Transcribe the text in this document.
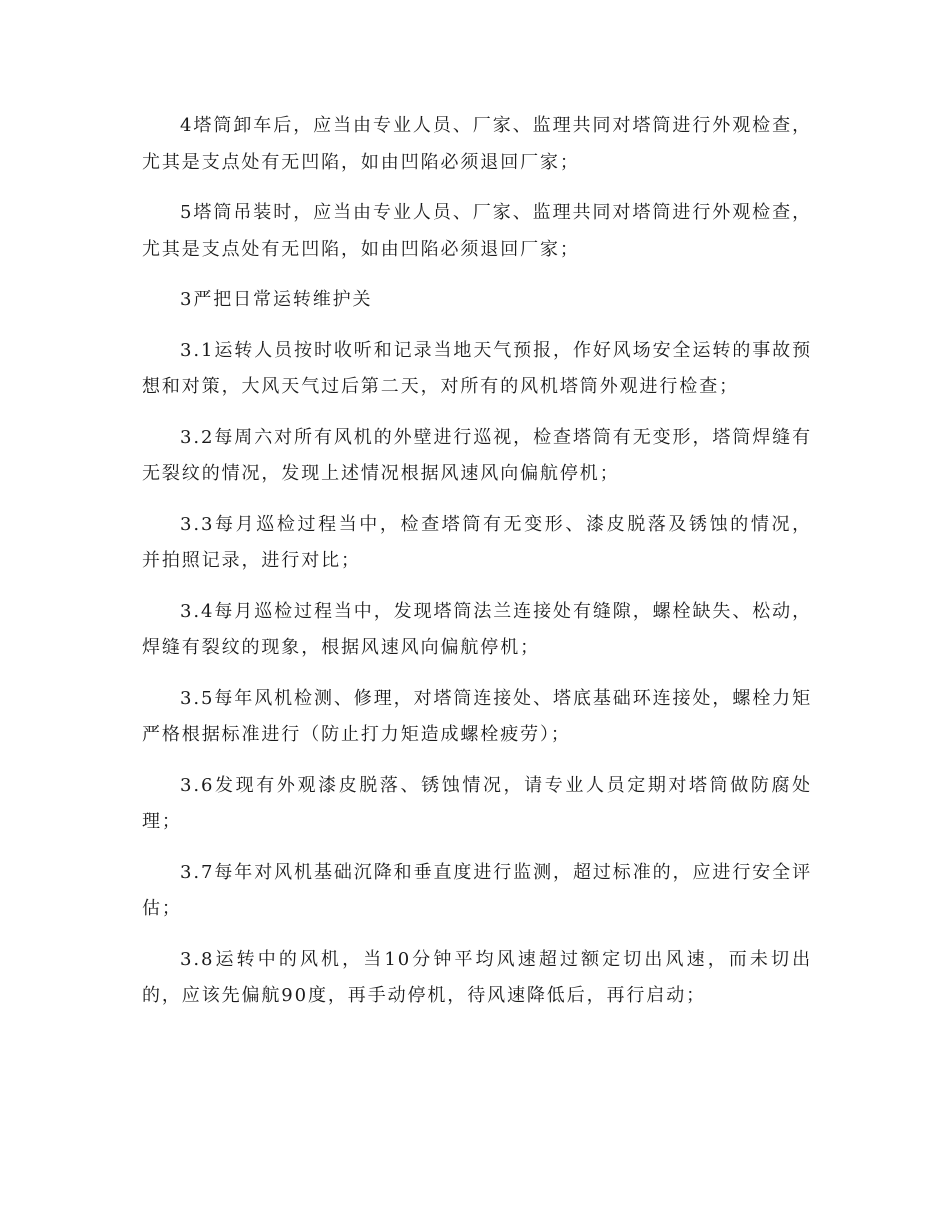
4塔筒卸车后，应当由专业人员、厂家、监理共同对塔筒进行外观检查，尤其是支点处有无凹陷，如由凹陷必须退回厂家；

5塔筒吊装时，应当由专业人员、厂家、监理共同对塔筒进行外观检查，尤其是支点处有无凹陷，如由凹陷必须退回厂家；

3严把日常运转维护关

3.1运转人员按时收听和记录当地天气预报，作好风场安全运转的事故预想和对策，大风天气过后第二天，对所有的风机塔筒外观进行检查；

3.2每周六对所有风机的外壁进行巡视，检查塔筒有无变形，塔筒焊缝有无裂纹的情况，发现上述情况根据风速风向偏航停机；

3.3每月巡检过程当中，检查塔筒有无变形、漆皮脱落及锈蚀的情况， 并拍照记录，进行对比；

3.4每月巡检过程当中，发现塔筒法兰连接处有缝隙，螺栓缺失、松动，焊缝有裂纹的现象，根据风速风向偏航停机；

3.5每年风机检测、修理，对塔筒连接处、塔底基础环连接处，螺栓力矩严格根据标准进行（防止打力矩造成螺栓疲劳）；

3.6发现有外观漆皮脱落、锈蚀情况，请专业人员定期对塔筒做防腐处理；

3.7每年对风机基础沉降和垂直度进行监测，超过标准的，应进行安全评估；

3.8运转中的风机，当10分钟平均风速超过额定切出风速，而未切出的，应该先偏航90度，再手动停机，待风速降低后，再行启动；
